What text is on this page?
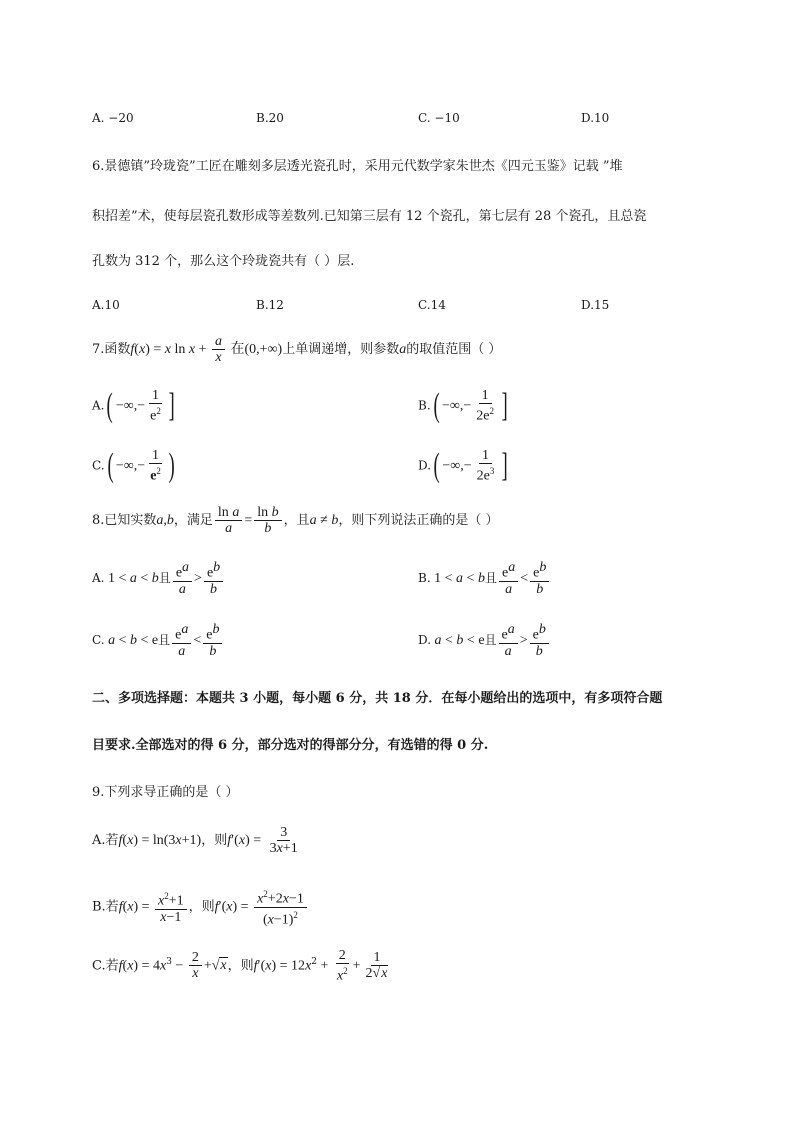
A. −20	B.20	C. −10	D.10
6.景德镇”玲珑瓷”工匠在雕刻多层透光瓷孔时，采用元代数学家朱世杰《四元玉鉴》记载 ”堆
积招差”术，使每层瓷孔数形成等差数列.已知第三层有 12 个瓷孔，第七层有 28 个瓷孔，且总瓷
孔数为 312 个，那么这个玲珑瓷共有（ ）层.
A.10	B.12	C.14	D.15
7.函数f(x) = x $\ln x + \frac{a}{x}$ 在(0,+∞)上单调递增，则参数a的取值范围（ ）
A.( −∞,− $\frac{1}{e^2}$ ]	B.( −∞,− $\frac{1}{2e^2}$ ]
C.( −∞,− $\frac{1}{e^2}$ )	D.( −∞,− $\frac{1}{2e^3}$ ]
8.已知实数a,b，满足 $\frac{\text{ln a}}{a} = \frac{\text{ln b}}{b}$ ，且a ≠ b，则下列说法正确的是（ ）
A. 1 < a < b且 $\frac{e^a}{a} > \frac{e^b}{b}$	B. 1 < a < b且 $\frac{e^a}{a} < \frac{e^b}{b}$
C. a < b < e且 $\frac{e^a}{a} < \frac{e^b}{b}$	D. a < b < e且 $\frac{e^a}{a} > \frac{e^b}{b}$
二、多项选择题：本题共 3 小题，每小题 6 分，共 18 分．在每小题给出的选项中，有多项符合题
目要求.全部选对的得 6 分，部分选对的得部分分，有选错的得 0 分.
9.下列求导正确的是（ ）
A.若f(x) = ln(3x+1)，则$f'(x) = \frac{3}{3x+1}$
B.若$f(x) = \frac{x^2+1}{x-1}$ ，则$f'(x) = \frac{x^2+2x-1}{(x-1)^2}$
C.若$f(x) = 4x^3 - \frac{2}{x} +√x$，则$f'(x) = 12x^2 + \frac{2}{x^2} + \frac{1}{2√x}$
